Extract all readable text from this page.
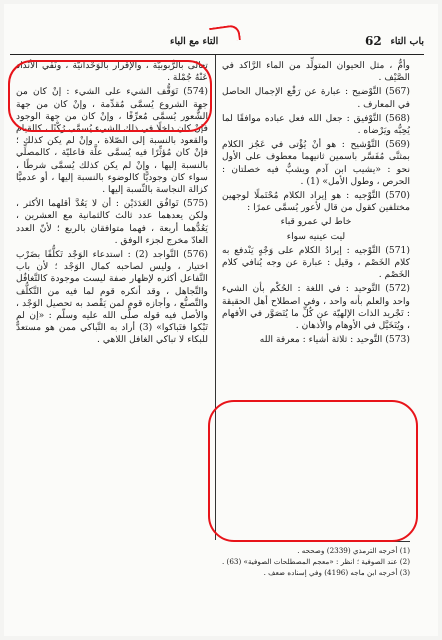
باب التاء
التاء مع الباء	62

وأمُّ ، مثل الحيوان المتولِّد من الماء الرَّاكد في الصَّيْف .

(567) التَّوْضيح : عبارة عن رَفْع الإجمال الحاصل في المعارف .

(568) التَّوْفيق : جعل الله فعل عباده موافقًا لما يُحِبُّه ويَرْضاه .

(569) التَّوْشيح : هو أنْ يُؤْتى في عَجُز الكلام بمثنَّى مُفَسَّر باسمين ثانيهما معطوف على الأول نحو : «يشيب ابن آدم ويشبُّ فيه خصلتان : الحرص ، وطول الأمل» (1) .

(570) التَّوْجيه : هو إيراد الكلام مُحْتَملًا لوجهين مختلفين كقول من قال لأعور يُسمَّى عمرًا :

خاط لي عمرو قباء

ليت عينيه سواء

(571) التَّوْجيه : إيرادُ الكلام على وَجْهٍ يَنْدفع به كلام الخَصْم ، وقيل : عبارة عن وجه يُنافي كلام الخَصْم .

(572) التَّوحيد : في اللغة : الحُكْم بأن الشيء واحد والعلم بأنه واحد ، وفي اصطلاح أهل الحقيقة : تَجْريد الذات الإلهيّة عن كُلِّ ما يُتَصَوَّر في الأفهام ، ويُتَخَيَّل في الأوهام والأذهان .

(573) التَّوحيد : ثلاثة أشياء : معرفة الله

تعالى بالرُّبوبيّة ، والإقرار بالوَحْدانيّة ، ونَفْي الأنْداد عَنْهُ جُمْلة .

(574) تَوَقُّف الشيء على الشيء : إنْ كان من جهة الشروع يُسمَّى مُقدِّمة ، وإنْ كان من جهة الشُّعور يُسمَّى مُعرِّفًا ، وإنْ كان من جهة الوجود فإنْ كان داخلًا في ذلك الشيء يُسمَّى رُكْنًا ، كالقيام والقعود بالنسبة إلى الصّلاة ، وإنْ لم يكن كذلك ؛ فإنْ كان مُؤثِّرًا فيه يُسمَّى علَّة فاعليّة ، كالمصلِّي بالنسبة إليها ، وإنْ لم يكن كذلك يُسمَّى شرطًا ، سواء كان وجوديًّا كالوضوء بالنسبة إليها ، أو عدميًّا كزالة النجاسة بالنِّسبة إليها .

(575) تَوافُق العَدَدَيْن : أن لا يَعُدَّ أقلهما الأكثر ، ولكن يعدهما عدد ثالث كالثمانية مع العشرين ، يَعُدُّهما أربعة ، فهما متوافقان بالربع ؛ لأنّ العدد العادّ مخرج لجزء الوفق .

(576) التَّواجد (2) : استدعاء الوَجْد تَكلُّفًا بضَرْب اختيار ، وليس لصاحبه كمال الوَجْد ؛ لأن باب التَّفاعل أكثره لإظهار صفة ليست موجودة كالتَّغافُل والتَّجاهل ، وقد أنكره قوم لما فيه من التَّكلُّف والتَّصنُّع ، وأجازه قوم لمن يَقْصد به تحصيل الوَجْد ، والأصل فيه قوله صلَّى الله عليه وسلّم : «إن لم تَبْكوا فتَباكوا» (3) أراد به التَّباكي ممن هو مستعدٌّ للبكاء لا تباكي الغافل اللاهي .

(1) أخرجه الترمذي (2339) وصححه .
(2) عند الصوفية ؛ انظر : «معجم المصطلحات الصوفية» (63) .
(3) أخرجه ابن ماجه (4196) وفي إسناده ضعف .
